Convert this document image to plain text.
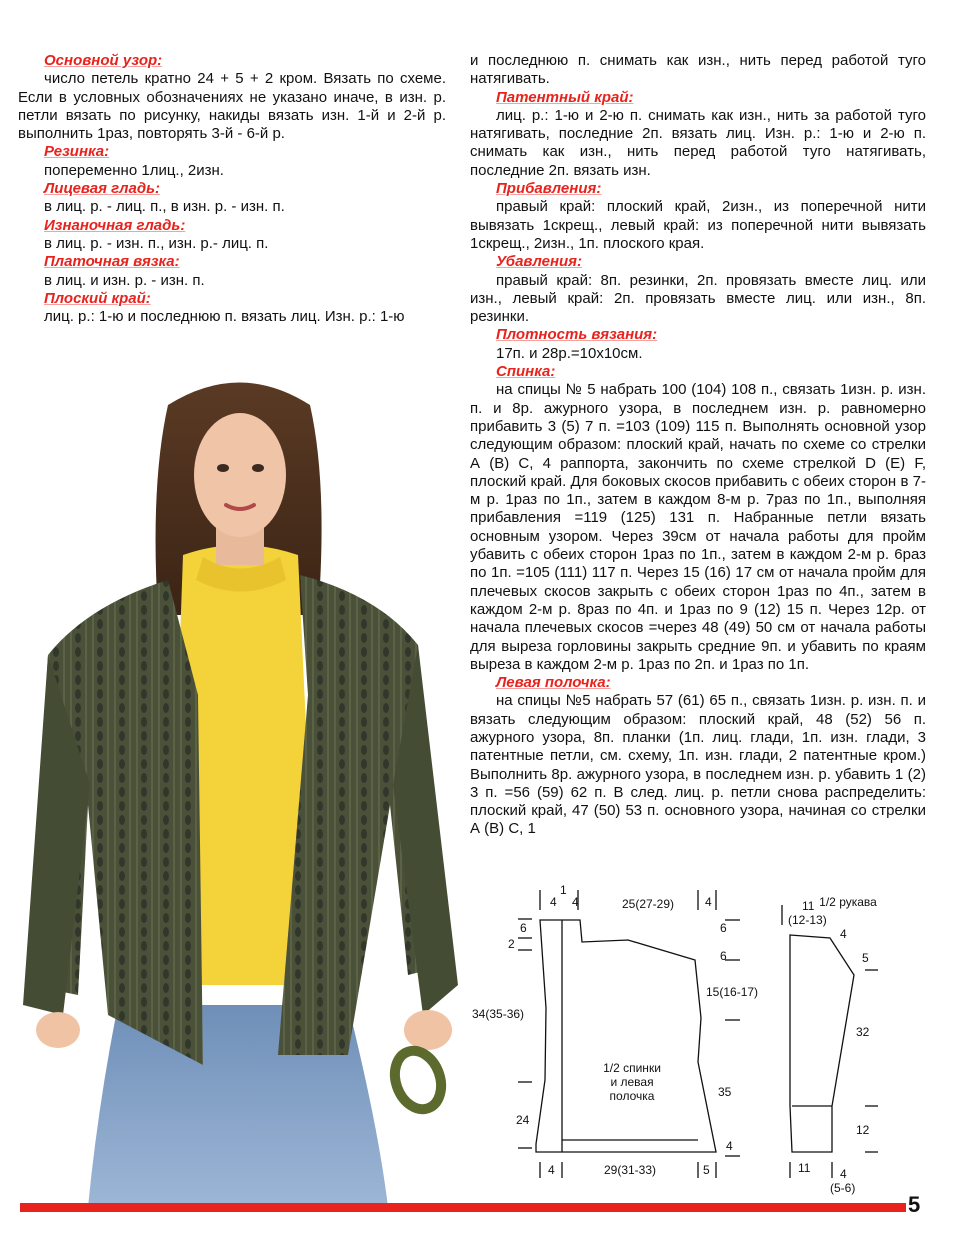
Основной узор:

число петель кратно 24 + 5 + 2 кром. Вязать по схеме. Если в условных обозначениях не указано иначе, в изн. р. петли вязать по рисунку, накиды вязать изн. 1-й и 2-й р. выполнить 1раз, повторять 3-й - 6-й р.

Резинка:

попеременно 1лиц., 2изн.

Лицевая гладь:

в лиц. р. - лиц. п., в изн. р. - изн. п.

Изнаночная гладь:

в лиц. р. - изн. п., изн. р.- лиц. п.

Платочная вязка:

в лиц. и изн. р. - изн. п.

Плоский край:

лиц. р.: 1-ю и последнюю п. вязать лиц. Изн. р.: 1-ю

и последнюю п. снимать как изн., нить перед работой туго натягивать.

Патентный край:

лиц. р.: 1-ю и 2-ю п. снимать как изн., нить за работой туго натягивать, последние 2п. вязать лиц. Изн. р.: 1-ю и 2-ю п. снимать как изн., нить перед работой туго натягивать, последние 2п. вязать изн.

Прибавления:

правый край: плоский край, 2изн., из поперечной нити вывязать 1скрещ., левый край: из поперечной нити вывязать 1скрещ., 2изн., 1п. плоского края.

Убавления:

правый край: 8п. резинки, 2п. провязать вместе лиц. или изн., левый край: 2п. провязать вместе лиц. или изн., 8п. резинки.

Плотность вязания:

17п. и 28р.=10х10см.

Спинка:

на спицы № 5 набрать 100 (104) 108 п., связать 1изн. р. изн. п. и 8р. ажурного узора, в последнем изн. р. равномерно прибавить 3 (5) 7 п. =103 (109) 115 п. Выполнять основной узор следующим образом: плоский край, начать по схеме со стрелки А (В) С, 4 раппорта, закончить по схеме стрелкой D (E) F, плоский край. Для боковых скосов прибавить с обеих сторон в 7-м р. 1раз по 1п., затем в каждом 8-м р. 7раз по 1п., выполняя прибавления =119 (125) 131 п. Набранные петли вязать основным узором. Через 39см от начала работы для пройм убавить с обеих сторон 1раз по 1п., затем в каждом 2-м р. 6раз по 1п. =105 (111) 117 п. Через 15 (16) 17 см от начала пройм для плечевых скосов закрыть с обеих сторон 1раз по 4п., затем в каждом 2-м р. 8раз по 4п. и 1раз по 9 (12) 15 п. Через 12р. от начала плечевых скосов =через 48 (49) 50 см от начала работы для выреза горловины закрыть средние 9п. и убавить по краям выреза в каждом 2-м р. 1раз по 2п. и 1раз по 1п.

Левая полочка:

на спицы №5 набрать 57 (61) 65 п., связать 1изн. р. изн. п. и вязать следующим образом: плоский край, 48 (52) 56 п. ажурного узора, 8п. планки (1п. лиц. глади, 1п. изн. глади, 3 патентные петли, см. схему, 1п. изн. глади, 2 патентные кром.) Выполнить 8р. ажурного узора, в последнем изн. р. убавить 1 (2) 3 п. =56 (59) 62 п. В след. лиц. р. петли снова распределить: плоский край, 47 (50) 53 п. основного узора, начиная со стрелки А (В) С, 1

1/2 спинки
и левая
полочка
1/2 рукава
4
1
4	25(27-29)	4
6
2
34(35-36)
24
6
6
15(16-17)
35
4
4	29(31-33)	5
11
(12-13)
4
5
32
12
11 4
(5-6)
5
